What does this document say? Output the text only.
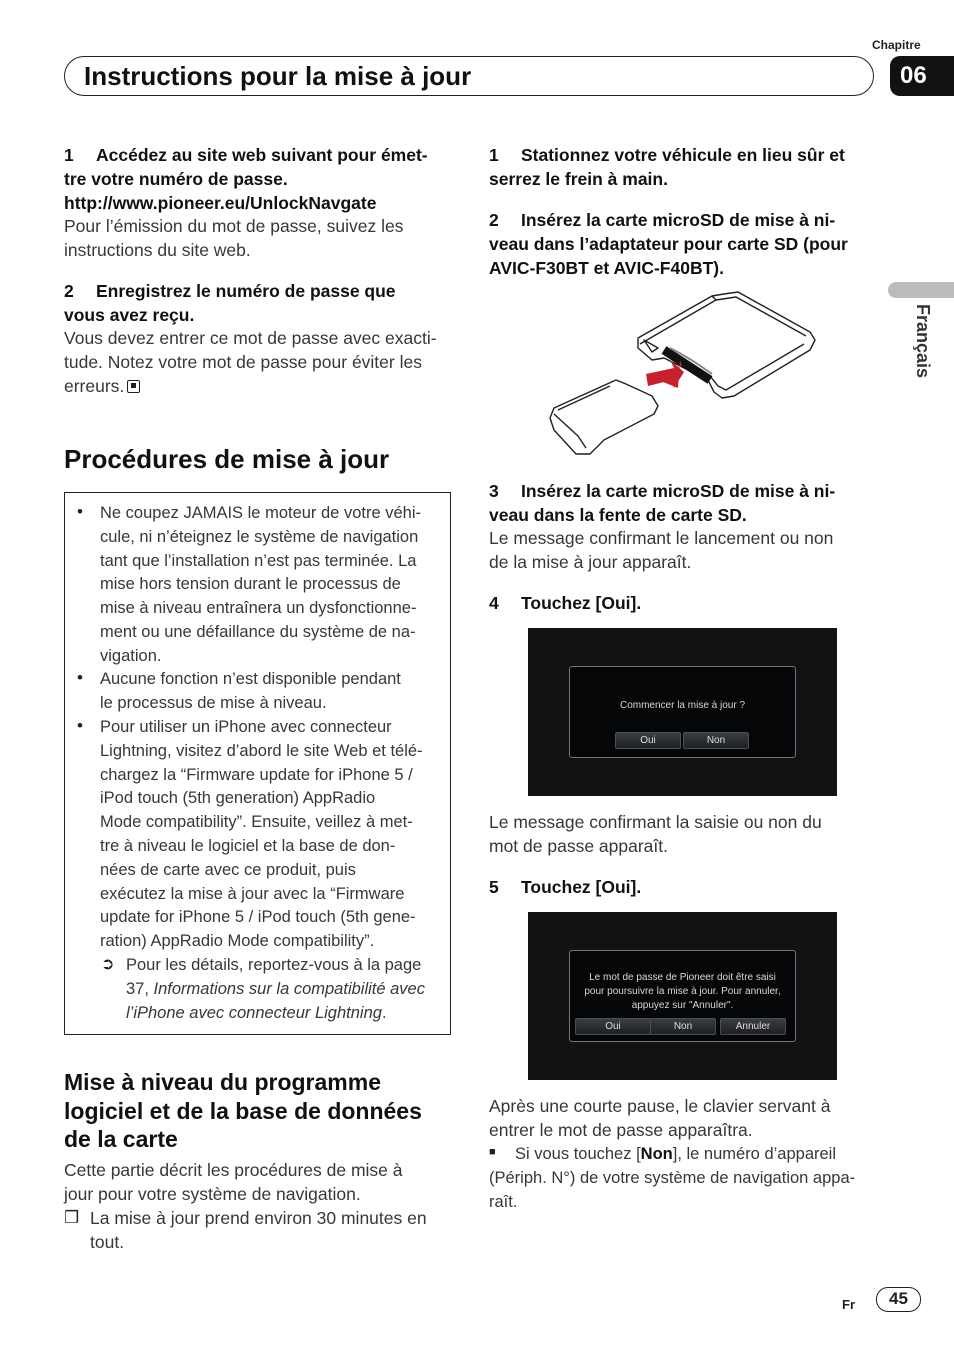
Chapitre
06
Instructions pour la mise à jour
Français
1 Accédez au site web suivant pour émet-
tre votre numéro de passe.
http://www.pioneer.eu/UnlockNavgate
Pour l’émission du mot de passe, suivez les
instructions du site web.
2 Enregistrez le numéro de passe que
vous avez reçu.
Vous devez entrer ce mot de passe avec exacti-
tude. Notez votre mot de passe pour éviter les
erreurs.
Procédures de mise à jour
• Ne coupez JAMAIS le moteur de votre véhi-
cule, ni n’éteignez le système de navigation
tant que l’installation n’est pas terminée. La
mise hors tension durant le processus de
mise à niveau entraînera un dysfonctionne-
ment ou une défaillance du système de na-
vigation.
• Aucune fonction n’est disponible pendant
le processus de mise à niveau.
• Pour utiliser un iPhone avec connecteur
Lightning, visitez d’abord le site Web et télé-
chargez la “Firmware update for iPhone 5 /
iPod touch (5th generation) AppRadio
Mode compatibility”. Ensuite, veillez à met-
tre à niveau le logiciel et la base de don-
nées de carte avec ce produit, puis
exécutez la mise à jour avec la “Firmware
update for iPhone 5 / iPod touch (5th gene-
ration) AppRadio Mode compatibility”.
➲ Pour les détails, reportez-vous à la page
37, Informations sur la compatibilité avec
l’iPhone avec connecteur Lightning.
Mise à niveau du programme logiciel et de la base de données de la carte
Cette partie décrit les procédures de mise à
jour pour votre système de navigation.
❒ La mise à jour prend environ 30 minutes en
tout.
1 Stationnez votre véhicule en lieu sûr et
serrez le frein à main.
2 Insérez la carte microSD de mise à ni-
veau dans l’adaptateur pour carte SD (pour
AVIC-F30BT et AVIC-F40BT).
3 Insérez la carte microSD de mise à ni-
veau dans la fente de carte SD.
Le message confirmant le lancement ou non
de la mise à jour apparaît.
4 Touchez [Oui].
Commencer la mise à jour ?
Oui	Non
Le message confirmant la saisie ou non du
mot de passe apparaît.
5 Touchez [Oui].
Le mot de passe de Pioneer doit être saisi
pour poursuivre la mise à jour. Pour annuler,
appuyez sur "Annuler".
Oui	Non	Annuler
Après une courte pause, le clavier servant à
entrer le mot de passe apparaîtra.
■	Si vous touchez [Non], le numéro d’appareil
(Périph. N°) de votre système de navigation appa-
raît.
Fr	45
